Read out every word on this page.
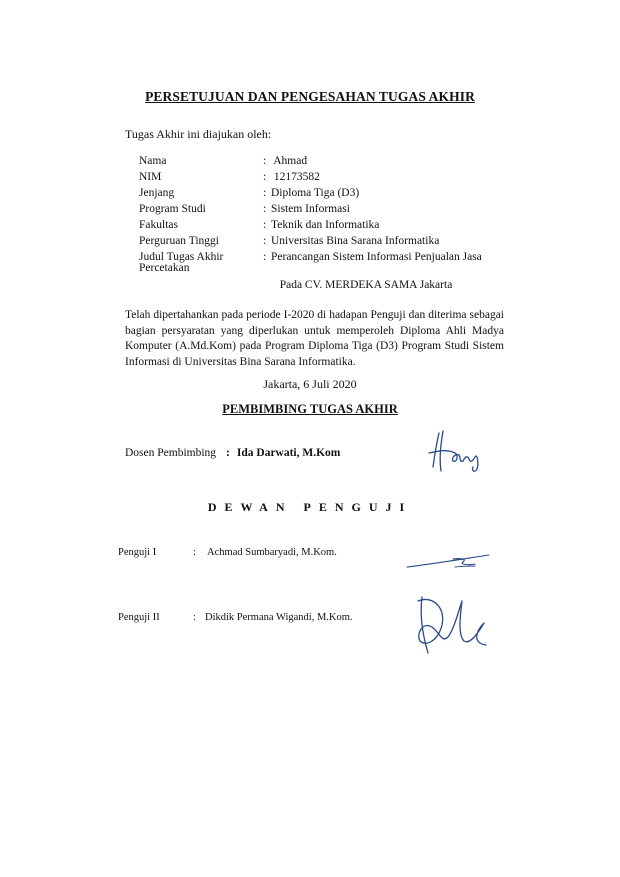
PERSETUJUAN DAN PENGESAHAN TUGAS AKHIR
Tugas Akhir ini diajukan oleh:
Nama	: Ahmad
NIM	: 12173582
Jenjang	: Diploma Tiga (D3)
Program Studi	: Sistem Informasi
Fakultas	: Teknik dan Informatika
Perguruan Tinggi	: Universitas Bina Sarana Informatika
Judul Tugas Akhir	: Perancangan Sistem Informasi Penjualan Jasa
Percetakan
Pada CV. MERDEKA SAMA Jakarta
Telah dipertahankan pada periode I-2020 di hadapan Penguji dan diterima sebagai bagian persyaratan yang diperlukan untuk memperoleh Diploma Ahli Madya Komputer (A.Md.Kom) pada Program Diploma Tiga (D3) Program Studi Sistem Informasi di Universitas Bina Sarana Informatika.
Jakarta, 6 Juli 2020
PEMBIMBING TUGAS AKHIR
Dosen Pembimbing : Ida Darwati, M.Kom
DEWAN PENGUJI
Penguji I	: Achmad Sumbaryadi, M.Kom.
Penguji II	: Dikdik Permana Wigandi, M.Kom.
